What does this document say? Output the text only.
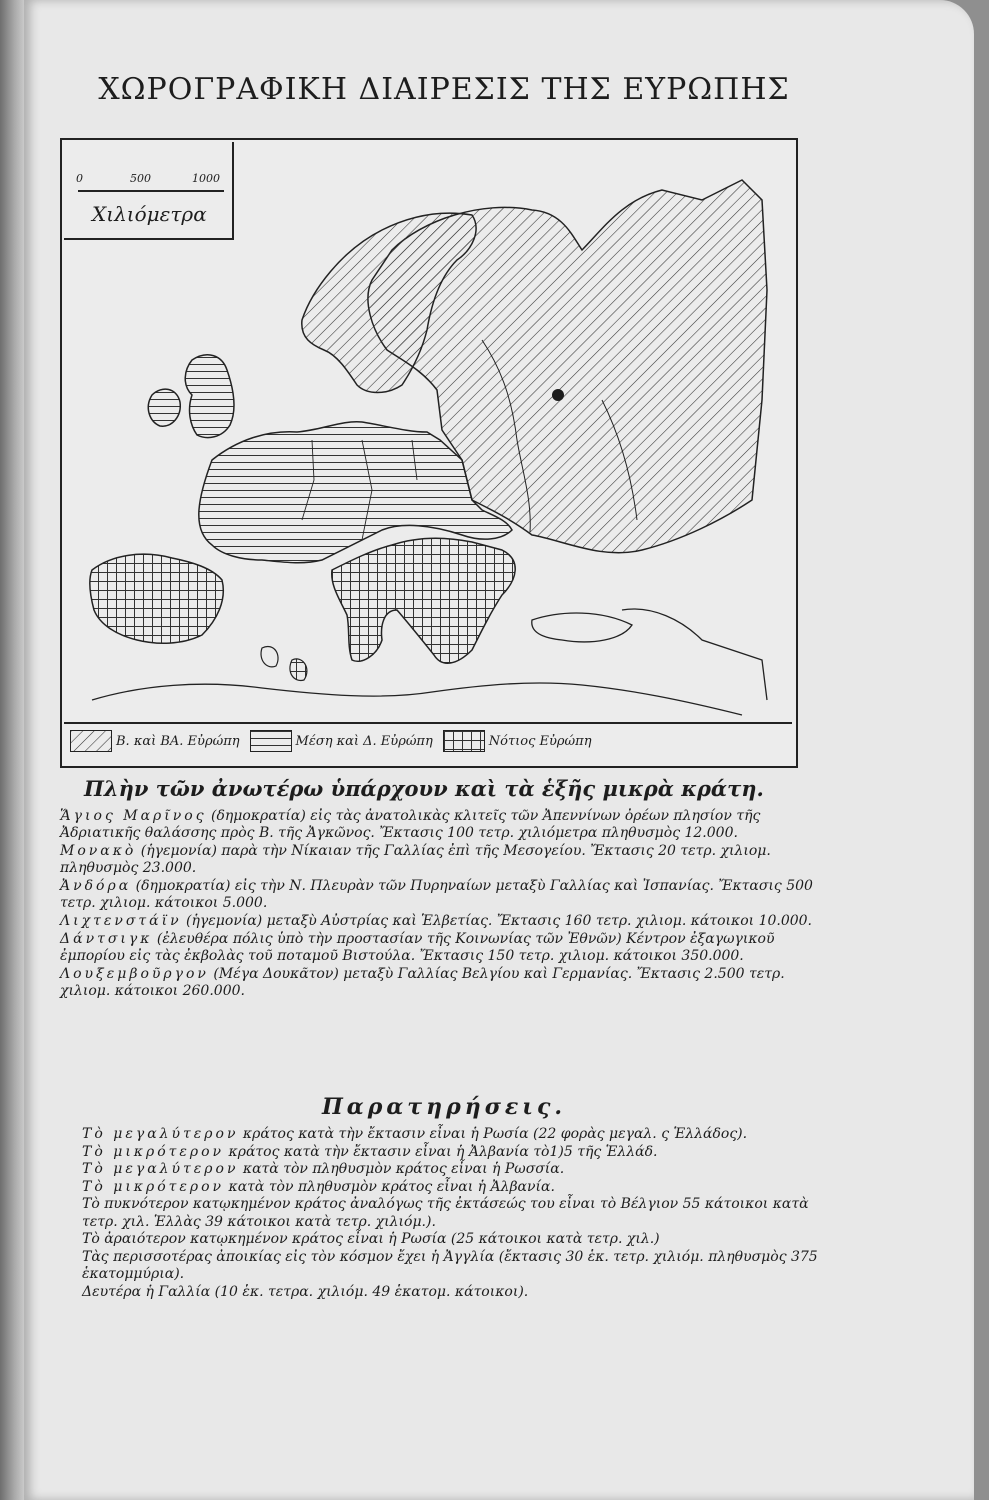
ΧΩΡΟΓΡΑΦΙΚΗ ΔΙΑΙΡΕΣΙΣ ΤΗΣ ΕΥΡΩΠΗΣ
0	500	1000
Χιλιόμετρα
Β. καὶ ΒΑ. Εὐρώπη	Μέση καὶ Δ. Εὐρώπη	Νότιος Εὐρώπη
Πλὴν τῶν ἀνωτέρω ὑπάρχουν καὶ τὰ ἑξῆς μικρὰ κράτη.

Ἅγιος Μαρῖνος (δημοκρατία) εἰς τὰς ἀνατολικὰς κλιτεῖς τῶν Ἀπεννίνων ὀρέων πλησίον τῆς Ἀδριατικῆς θαλάσσης πρὸς Β. τῆς Ἀγκῶνος. Ἔκτασις 100 τετρ. χιλιόμετρα πληθυσμὸς 12.000.

Μονακὸ (ἡγεμονία) παρὰ τὴν Νίκαιαν τῆς Γαλλίας ἐπὶ τῆς Μεσογείου. Ἔκτασις 20 τετρ. χιλιομ. πληθυσμὸς 23.000.

Ἀνδόρα (δημοκρατία) εἰς τὴν Ν. Πλευρὰν τῶν Πυρηναίων μεταξὺ Γαλλίας καὶ Ἰσπανίας. Ἔκτασις 500 τετρ. χιλιομ. κάτοικοι 5.000.

Λιχτενστάϊν (ἡγεμονία) μεταξὺ Αὐστρίας καὶ Ἑλβετίας. Ἔκτασις 160 τετρ. χιλιομ. κάτοικοι 10.000.

Δάντσιγκ (ἐλευθέρα πόλις ὑπὸ τὴν προστασίαν τῆς Κοινωνίας τῶν Ἐθνῶν) Κέντρον ἐξαγωγικοῦ ἐμπορίου εἰς τὰς ἐκβολὰς τοῦ ποταμοῦ Βιστούλα. Ἔκτασις 150 τετρ. χιλιομ. κάτοικοι 350.000.

Λουξεμβοῦργον (Μέγα Δουκᾶτον) μεταξὺ Γαλλίας Βελγίου καὶ Γερμανίας. Ἔκτασις 2.500 τετρ. χιλιομ. κάτοικοι 260.000.

Παρατηρήσεις.

Τὸ μεγαλύτερον κράτος κατὰ τὴν ἔκτασιν εἶναι ἡ Ρωσία (22 φορὰς μεγαλ. ς Ἑλλάδος).

Τὸ μικρότερον κράτος κατὰ τὴν ἔκτασιν εἶναι ἡ Ἀλβανία τὸ1)5 τῆς Ἑλλάδ.

Τὸ μεγαλύτερον κατὰ τὸν πληθυσμὸν κράτος εἶναι ἡ Ρωσσία.

Τὸ μικρότερον κατὰ τὸν πληθυσμὸν κράτος εἶναι ἡ Ἀλβανία.

Τὸ πυκνότερον κατῳκημένον κράτος ἀναλόγως τῆς ἐκτάσεώς του εἶναι τὸ Βέλγιον 55 κάτοικοι κατὰ τετρ. χιλ. Ἑλλὰς 39 κάτοικοι κατὰ τετρ. χιλιόμ.).

Τὸ ἀραιότερον κατῳκημένον κράτος εἶναι ἡ Ρωσία (25 κάτοικοι κατὰ τετρ. χιλ.)

Τὰς περισσοτέρας ἀποικίας εἰς τὸν κόσμον ἔχει ἡ Ἀγγλία (ἔκτασις 30 ἑκ. τετρ. χιλιόμ. πληθυσμὸς 375 ἑκατομμύρια).

Δευτέρα ἡ Γαλλία (10 ἑκ. τετρα. χιλιόμ. 49 ἑκατομ. κάτοικοι).
